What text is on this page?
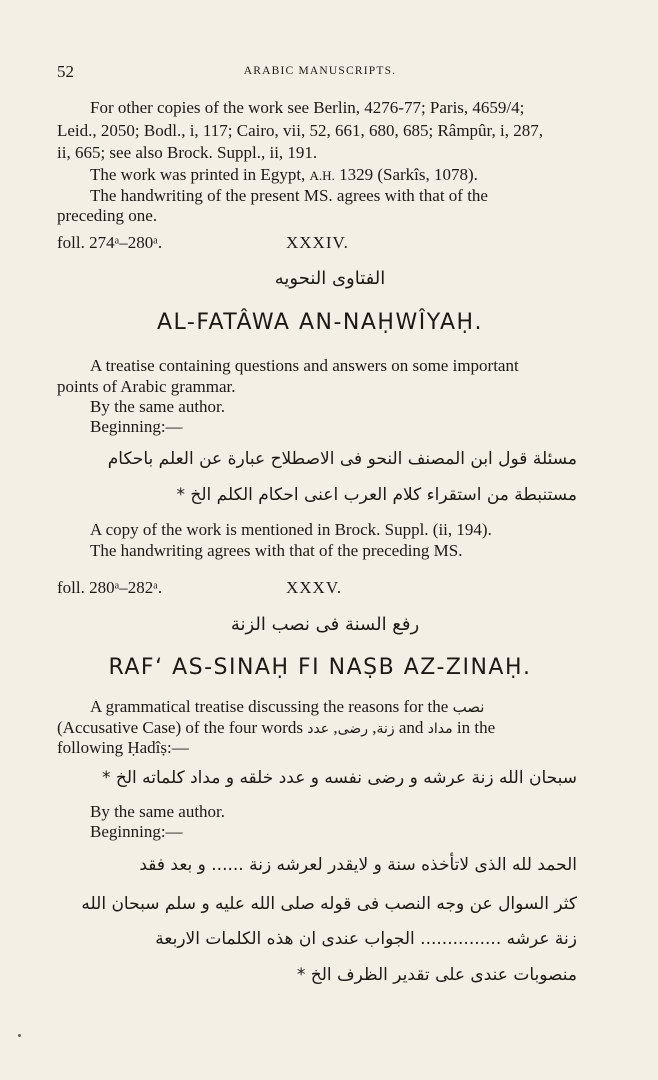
52	ARABIC MANUSCRIPTS.
For other copies of the work see Berlin, 4276-77; Paris, 4659/4;
Leid., 2050; Bodl., i, 117; Cairo, vii, 52, 661, 680, 685; Râmpûr, i, 287,
ii, 665; see also Brock. Suppl., ii, 191.
The work was printed in Egypt, A.H. 1329 (Sarkîs, 1078).
The handwriting of the present MS. agrees with that of the
preceding one.
foll. 274ᵃ–280ᵃ.	XXXIV.
الفتاوى النحويه
AL-FATÂWA AN-NAḤWÎYAḤ.
A treatise containing questions and answers on some important
points of Arabic grammar.
By the same author.
Beginning:—
مسئلة قول ابن المصنف النحو فى الاصطلاح عبارة عن العلم باحكام
مستنبطة من استقراء كلام العرب اعنى احكام الكلم الخ *
A copy of the work is mentioned in Brock. Suppl. (ii, 194).
The handwriting agrees with that of the preceding MS.
foll. 280ᵃ–282ᵃ.	XXXV.
رفع السنة فى نصب الزنة
RAF‘ AS-SINAḤ FI NAṢB AZ-ZINAḤ.
A grammatical treatise discussing the reasons for the نصب
(Accusative Case) of the four words	زنة, رضى, عدد	and مداد in the
following Ḥadîṣ:—
سبحان الله زنة عرشه و رضى نفسه و عدد خلقه و مداد كلماته الخ *
By the same author.
Beginning:—
الحمد لله الذى لاتأخذه سنة و لايقدر لعرشه زنة ...... و بعد فقد
كثر السوال عن وجه النصب فى قوله صلى الله عليه و سلم سبحان الله
زنة عرشه ............... الجواب عندى ان هذه الكلمات الاربعة
منصوبات عندى على تقدير الظرف الخ *
